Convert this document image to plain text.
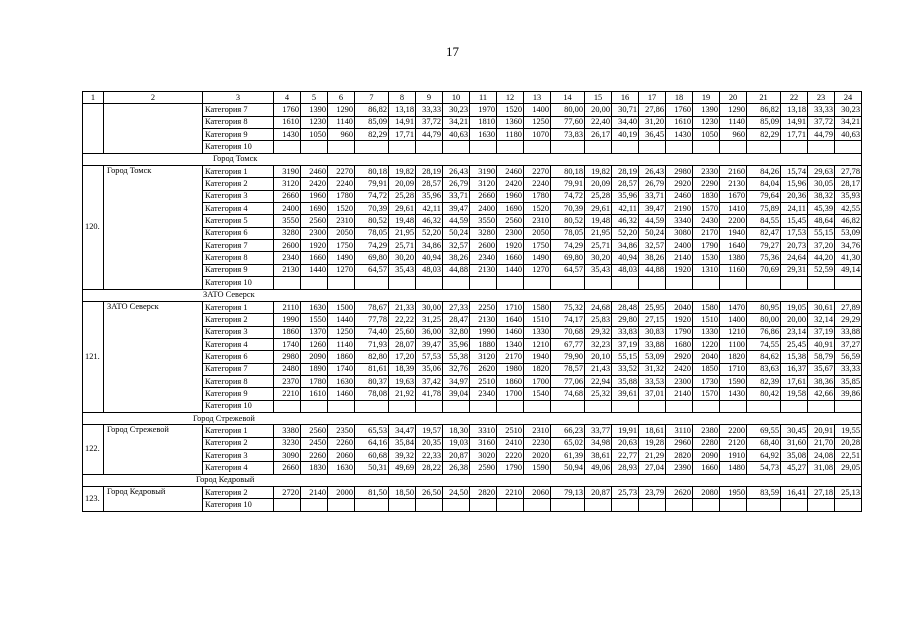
17
1	2	3	4	5	6	7	8	9	10	11	12	13	14	15	16	17	18	19	20	21	22	23	24
		Категория 7	1760	1390	1290	86,82	13,18	33,33	30,23	1970	1520	1400	80,00	20,00	30,71	27,86	1760	1390	1290	86,82	13,18	33,33	30,23
		Категория 8	1610	1230	1140	85,09	14,91	37,72	34,21	1810	1360	1250	77,60	22,40	34,40	31,20	1610	1230	1140	85,09	14,91	37,72	34,21
		Категория 9	1430	1050	960	82,29	17,71	44,79	40,63	1630	1180	1070	73,83	26,17	40,19	36,45	1430	1050	960	82,29	17,71	44,79	40,63
		Категория 10																					
Город Томск																							
120.	Город Томск	Категория 1	3190	2460	2270	80,18	19,82	28,19	26,43	3190	2460	2270	80,18	19,82	28,19	26,43	2980	2330	2160	84,26	15,74	29,63	27,78
		Категория 2	3120	2420	2240	79,91	20,09	28,57	26,79	3120	2420	2240	79,91	20,09	28,57	26,79	2920	2290	2130	84,04	15,96	30,05	28,17
		Категория 3	2660	1960	1780	74,72	25,28	35,96	33,71	2660	1960	1780	74,72	25,28	35,96	33,71	2460	1830	1670	79,64	20,36	38,32	35,93
		Категория 4	2400	1690	1520	70,39	29,61	42,11	39,47	2400	1690	1520	70,39	29,61	42,11	39,47	2190	1570	1410	75,89	24,11	45,39	42,55
		Категория 5	3550	2560	2310	80,52	19,48	46,32	44,59	3550	2560	2310	80,52	19,48	46,32	44,59	3340	2430	2200	84,55	15,45	48,64	46,82
		Категория 6	3280	2300	2050	78,05	21,95	52,20	50,24	3280	2300	2050	78,05	21,95	52,20	50,24	3080	2170	1940	82,47	17,53	55,15	53,09
		Категория 7	2600	1920	1750	74,29	25,71	34,86	32,57	2600	1920	1750	74,29	25,71	34,86	32,57	2400	1790	1640	79,27	20,73	37,20	34,76
		Категория 8	2340	1660	1490	69,80	30,20	40,94	38,26	2340	1660	1490	69,80	30,20	40,94	38,26	2140	1530	1380	75,36	24,64	44,20	41,30
		Категория 9	2130	1440	1270	64,57	35,43	48,03	44,88	2130	1440	1270	64,57	35,43	48,03	44,88	1920	1310	1160	70,69	29,31	52,59	49,14
		Категория 10																					
ЗАТО Северск																							
121.	ЗАТО Северск	Категория 1	2110	1630	1500	78,67	21,33	30,00	27,33	2250	1710	1580	75,32	24,68	28,48	25,95	2040	1580	1470	80,95	19,05	30,61	27,89
		Категория 2	1990	1550	1440	77,78	22,22	31,25	28,47	2130	1640	1510	74,17	25,83	29,80	27,15	1920	1510	1400	80,00	20,00	32,14	29,29
		Категория 3	1860	1370	1250	74,40	25,60	36,00	32,80	1990	1460	1330	70,68	29,32	33,83	30,83	1790	1330	1210	76,86	23,14	37,19	33,88
		Категория 4	1740	1260	1140	71,93	28,07	39,47	35,96	1880	1340	1210	67,77	32,23	37,19	33,88	1680	1220	1100	74,55	25,45	40,91	37,27
		Категория 6	2980	2090	1860	82,80	17,20	57,53	55,38	3120	2170	1940	79,90	20,10	55,15	53,09	2920	2040	1820	84,62	15,38	58,79	56,59
		Категория 7	2480	1890	1740	81,61	18,39	35,06	32,76	2620	1980	1820	78,57	21,43	33,52	31,32	2420	1850	1710	83,63	16,37	35,67	33,33
		Категория 8	2370	1780	1630	80,37	19,63	37,42	34,97	2510	1860	1700	77,06	22,94	35,88	33,53	2300	1730	1590	82,39	17,61	38,36	35,85
		Категория 9	2210	1610	1460	78,08	21,92	41,78	39,04	2340	1700	1540	74,68	25,32	39,61	37,01	2140	1570	1430	80,42	19,58	42,66	39,86
		Категория 10																					
Город Стрежевой																							
122.	Город Стрежевой	Категория 1	3380	2560	2350	65,53	34,47	19,57	18,30	3310	2510	2310	66,23	33,77	19,91	18,61	3110	2380	2200	69,55	30,45	20,91	19,55
		Категория 2	3230	2450	2260	64,16	35,84	20,35	19,03	3160	2410	2230	65,02	34,98	20,63	19,28	2960	2280	2120	68,40	31,60	21,70	20,28
		Категория 3	3090	2260	2060	60,68	39,32	22,33	20,87	3020	2220	2020	61,39	38,61	22,77	21,29	2820	2090	1910	64,92	35,08	24,08	22,51
		Категория 4	2660	1830	1630	50,31	49,69	28,22	26,38	2590	1790	1590	50,94	49,06	28,93	27,04	2390	1660	1480	54,73	45,27	31,08	29,05
Город Кедровый																							
123.	Город Кедровый	Категория 2	2720	2140	2000	81,50	18,50	26,50	24,50	2820	2210	2060	79,13	20,87	25,73	23,79	2620	2080	1950	83,59	16,41	27,18	25,13
		Категория 10																					
